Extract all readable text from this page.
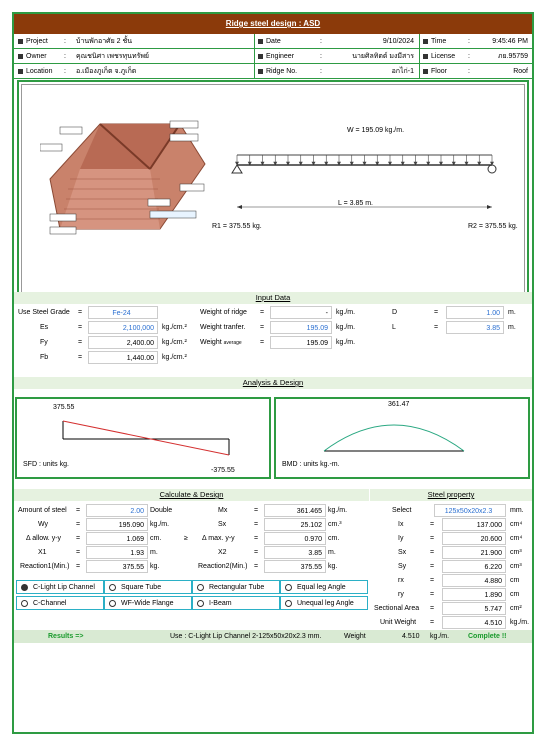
Ridge steel design : ASD
Project : บ้านพักอาศัย 2 ชั้น	Date	:	9/10/2024	Time	:	9:45:46 PM
Owner : คุณชนิศา เพชรทุนทรัพย์	Engineer	:	นายศิลทิตต์ มงมีสาร	License :	ภย.95759
Location : อ.เมืองภูเก็ต จ.ภูเก็ต	Ridge No.	:	อกไก่-1	Floor	:	Roof
W = 195.09 kg./m.
L = 3.85 m.
R1 = 375.55 kg.	R2 = 375.55 kg.
Input Data
Use Steel Grade =	Fe-24
Es	=	2,100,000	kg./cm.²
Fy	=	2,400.00	kg./cm.²
Fb	=	1,440.00	kg./cm.²
Weight of ridge =	-	kg./m.
Weight tranfer. =	195.09	kg./m.
Weight average	=	195.09	kg./m.
D	=	1.00	m.
L	=	3.85	m.
Analysis & Design
375.55
-375.55
SFD : units kg.
361.47
BMD : units kg.-m.
Calculate & Design	Steel property
Amount of steel =	2.00 Double
Wy	=	195.090 kg./m.
Δ allow. y-y =	1.069 cm.	≥
X1	=	1.93 m.
Reaction1(Min.) =	375.55 kg.
Mx	=	361.465 kg./m.
Sx	=	25.102 cm.³
Δ max. y-y	=	0.970 cm.
X2	=	3.85 m.
Reaction2(Min.) =	375.55 kg.
Select	125x50x20x2.3	mm.
Ix	=	137.000	cm⁴
Iy	=	20.600	cm⁴
Sx	=	21.900	cm³
Sy	=	6.220	cm³
rx	=	4.880	cm
ry	=	1.890	cm
Sectional Area =	5.747	cm²
Unit Weight =	4.510	kg./m.
C-Light Lip Channel	Square Tube	Rectangular Tube	Equal leg Angle
C-Channel	WF-Wide Flange	I-Beam	Unequal leg Angle
Results =>	Use : C-Light Lip Channel 2-125x50x20x2.3 mm.	Weight	4.510 kg./m.	Complete !!
